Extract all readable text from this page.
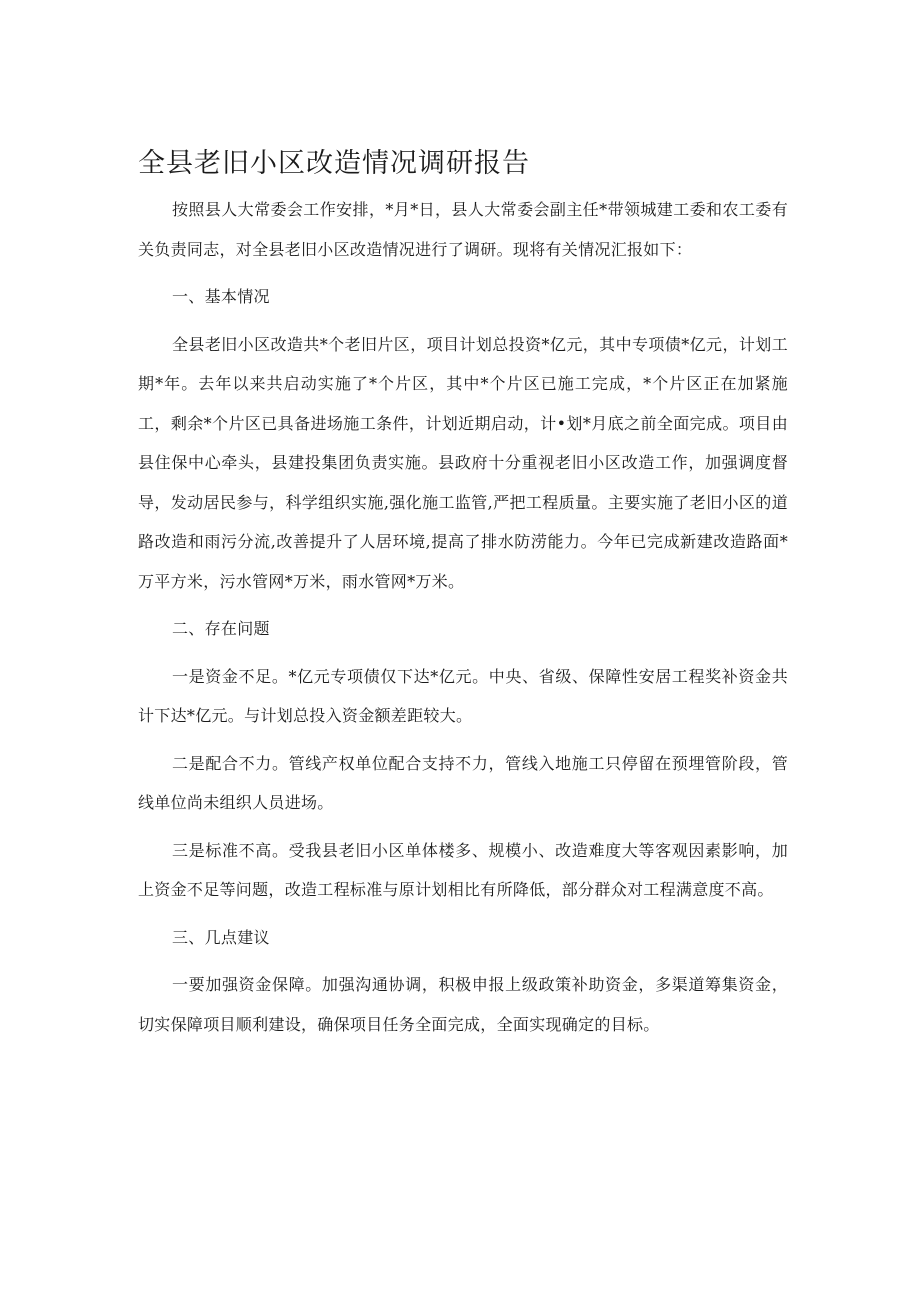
全县老旧小区改造情况调研报告

按照县人大常委会工作安排，*月*日，县人大常委会副主任*带领城建工委和农工委有关负责同志，对全县老旧小区改造情况进行了调研。现将有关情况汇报如下：

一、基本情况

全县老旧小区改造共*个老旧片区，项目计划总投资*亿元，其中专项债*亿元，计划工期*年。去年以来共启动实施了*个片区，其中*个片区已施工完成，*个片区正在加紧施工，剩余*个片区已具备进场施工条件，计划近期启动，计•划*月底之前全面完成。项目由县住保中心牵头，县建投集团负责实施。县政府十分重视老旧小区改造工作，加强调度督导，发动居民参与，科学组织实施,强化施工监管,严把工程质量。主要实施了老旧小区的道路改造和雨污分流,改善提升了人居环境,提高了排水防涝能力。今年已完成新建改造路面*万平方米，污水管网*万米，雨水管网*万米。

二、存在问题

一是资金不足。*亿元专项债仅下达*亿元。中央、省级、保障性安居工程奖补资金共计下达*亿元。与计划总投入资金额差距较大。

二是配合不力。管线产权单位配合支持不力，管线入地施工只停留在预埋管阶段，管线单位尚未组织人员进场。

三是标准不高。受我县老旧小区单体楼多、规模小、改造难度大等客观因素影响，加上资金不足等问题，改造工程标准与原计划相比有所降低，部分群众对工程满意度不高。

三、几点建议

一要加强资金保障。加强沟通协调，积极申报上级政策补助资金，多渠道筹集资金，切实保障项目顺利建设，确保项目任务全面完成，全面实现确定的目标。
